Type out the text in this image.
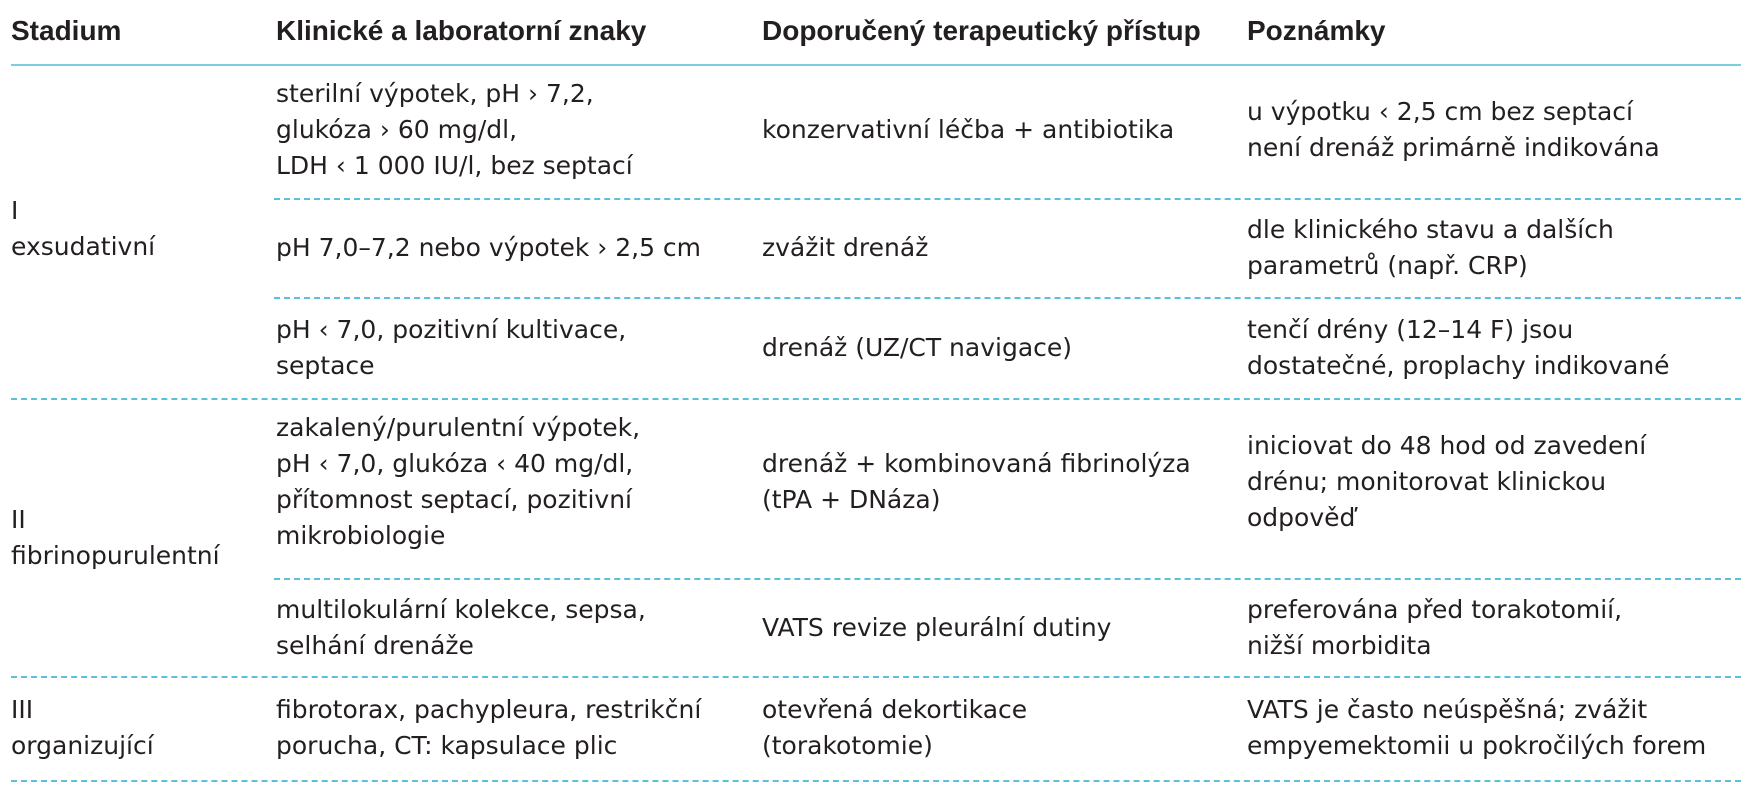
Stadium	Klinické a laboratorní znaky	Doporučený terapeutický přístup Poznámky
I
exsudativní
sterilní výpotek, pH › 7,2,
glukóza › 60 mg/dl,
LDH ‹ 1 000 IU/l, bez septací
konzervativní léčba + antibiotika
u výpotku ‹ 2,5 cm bez septací
není drenáž primárně indikována
pH 7,0–7,2 nebo výpotek › 2,5 cm zvážit drenáž
dle klinického stavu a dalších
parametrů (např. CRP)
pH ‹ 7,0, pozitivní kultivace,
septace
drenáž (UZ/CT navigace)
tenčí drény (12–14 F) jsou
dostatečné, proplachy indikované
II
fibrinopurulentní
zakalený/purulentní výpotek,
pH ‹ 7,0, glukóza ‹ 40 mg/dl,
přítomnost septací, pozitivní
mikrobiologie
drenáž + kombinovaná fibrinolýza
(tPA + DNáza)
iniciovat do 48 hod od zavedení
drénu; monitorovat klinickou
odpověď
multilokulární kolekce, sepsa,
selhání drenáže
VATS revize pleurální dutiny
preferována před torakotomií,
nižší morbidita
III
organizující
fibrotorax, pachypleura, restrikční
porucha, CT: kapsulace plic
otevřená dekortikace
(torakotomie)
VATS je často neúspěšná; zvážit
empyemektomii u pokročilých forem
